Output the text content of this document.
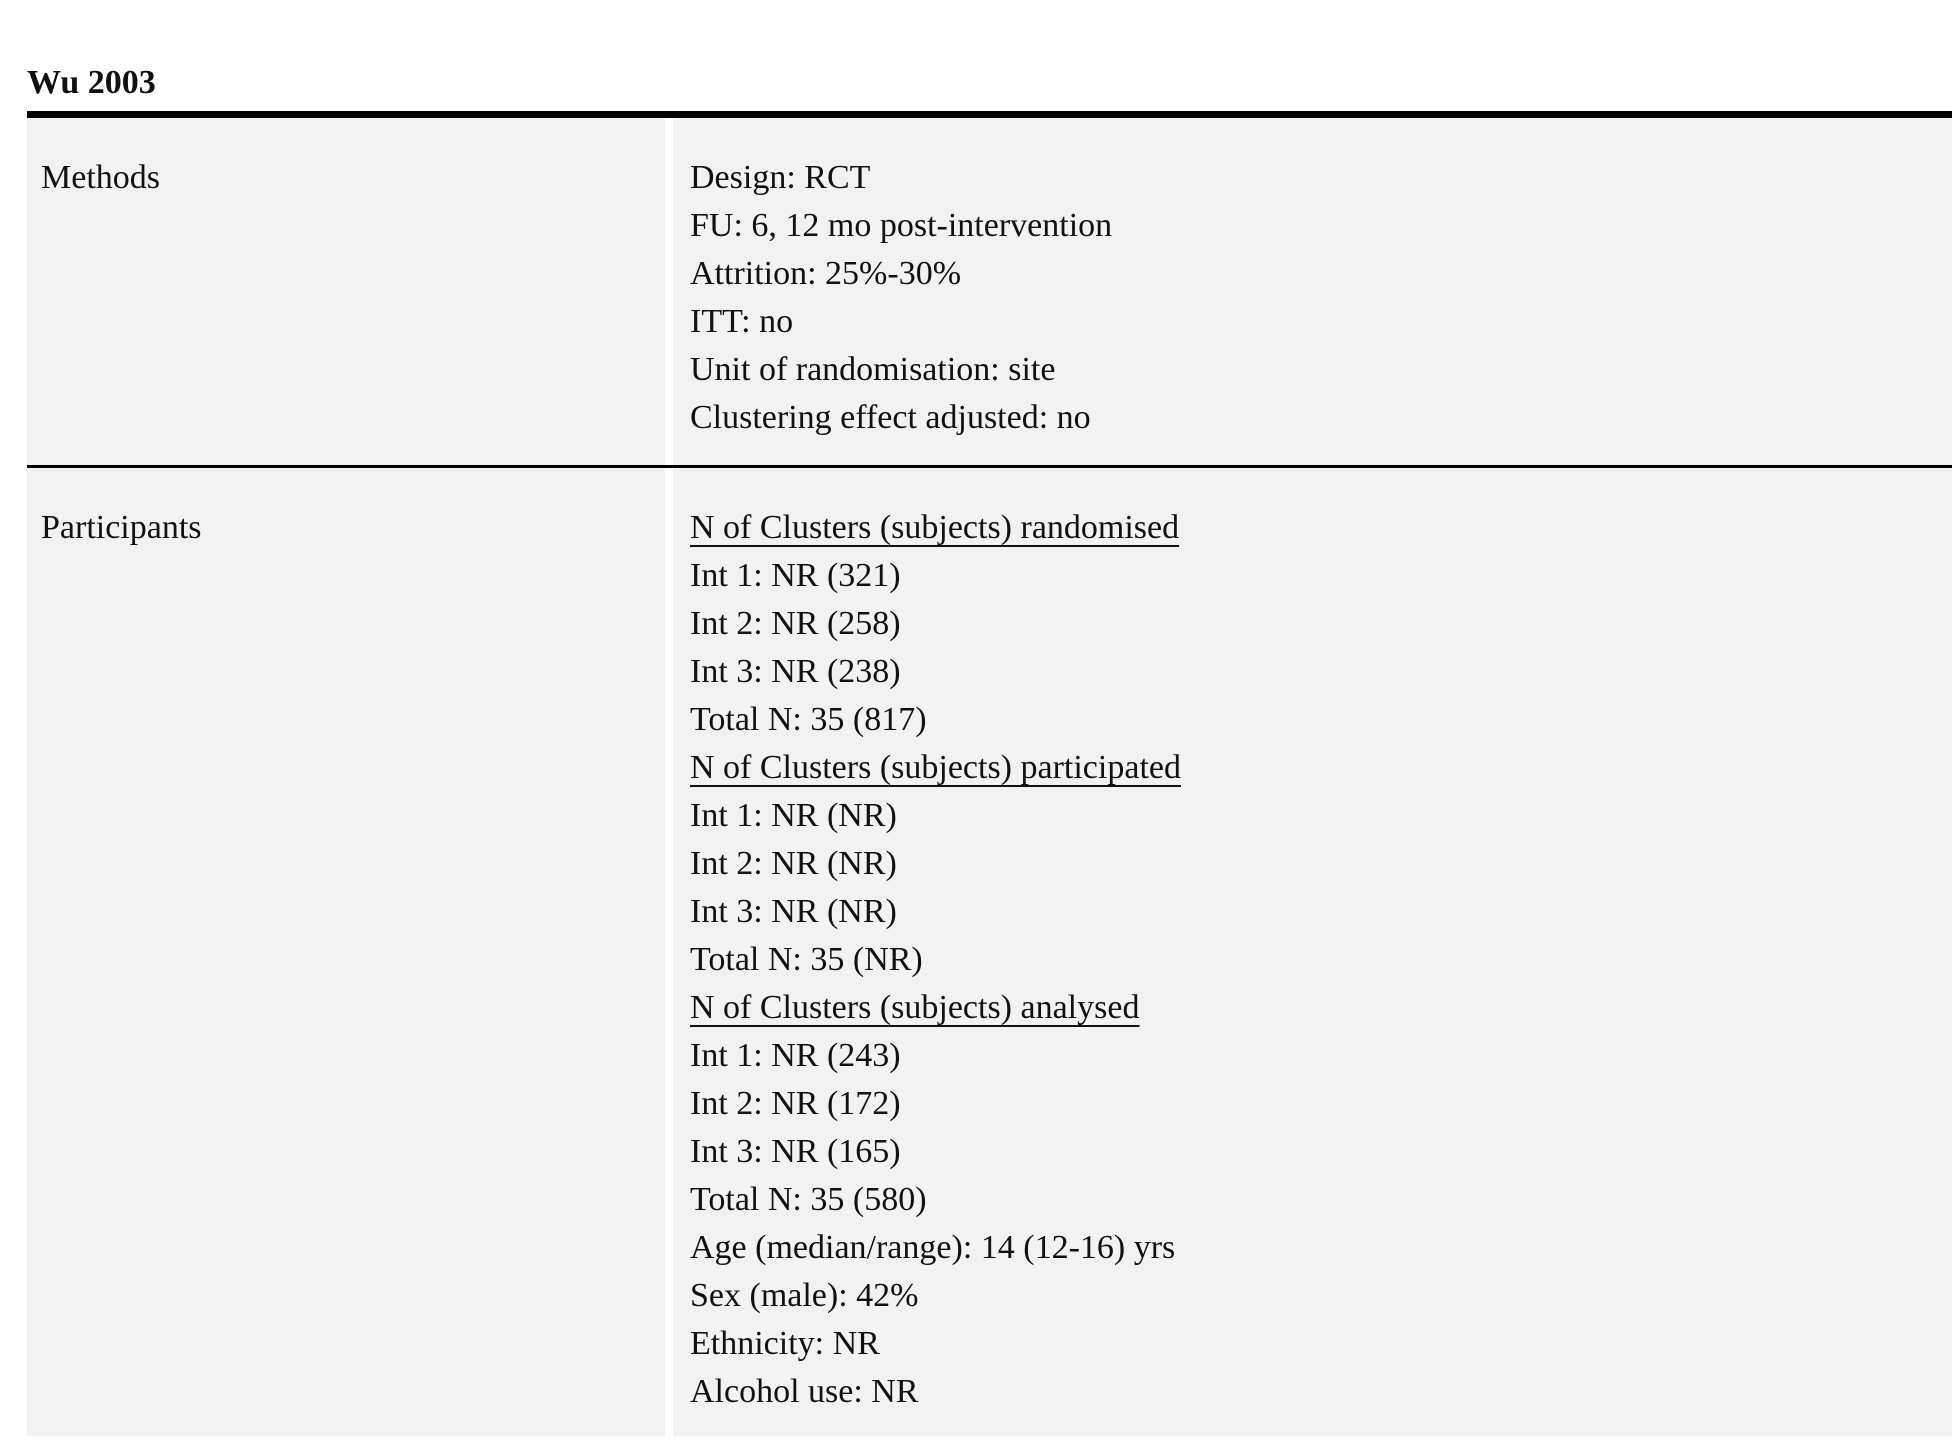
Wu 2003
Methods	Design: RCT
FU: 6, 12 mo post-intervention
Attrition: 25%-30%
ITT: no
Unit of randomisation: site
Clustering effect adjusted: no
Participants	N of Clusters (subjects) randomised
Int 1: NR (321)
Int 2: NR (258)
Int 3: NR (238)
Total N: 35 (817)
N of Clusters (subjects) participated
Int 1: NR (NR)
Int 2: NR (NR)
Int 3: NR (NR)
Total N: 35 (NR)
N of Clusters (subjects) analysed
Int 1: NR (243)
Int 2: NR (172)
Int 3: NR (165)
Total N: 35 (580)
Age (median/range): 14 (12-16) yrs
Sex (male): 42%
Ethnicity: NR
Alcohol use: NR
